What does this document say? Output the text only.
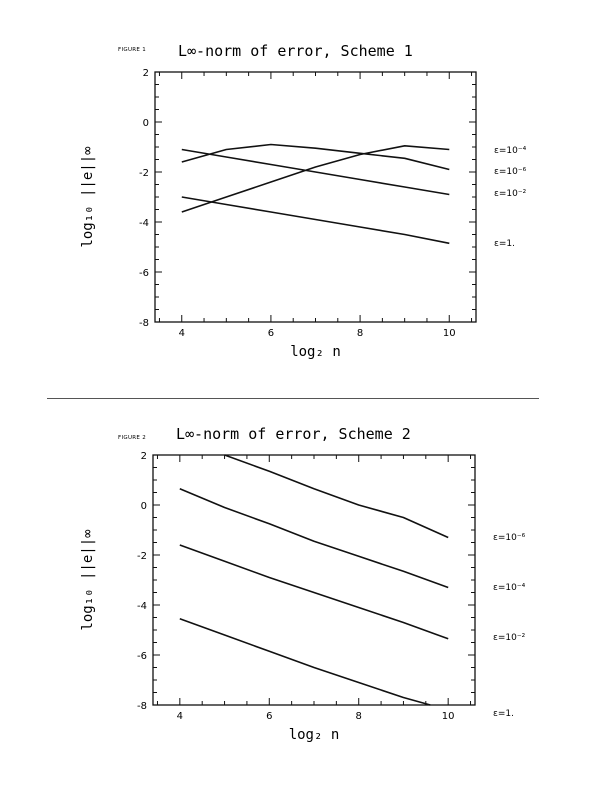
FIGURE 1
FIGURE 2
L∞-norm of error, Scheme 1
2
0
-2
-4
-6
-8
4	6	8	10
log₂ n
log₁₀ ||e||∞	ε=10⁻⁴
ε=10⁻⁶
ε=10⁻²
ε=1.
L∞-norm of error, Scheme 2
2
0
-2
-4
-6
-8
4	6	8	10
log₂ n
log₁₀ ||e||∞	ε=10⁻⁶
ε=10⁻⁴
ε=10⁻²
ε=1.
